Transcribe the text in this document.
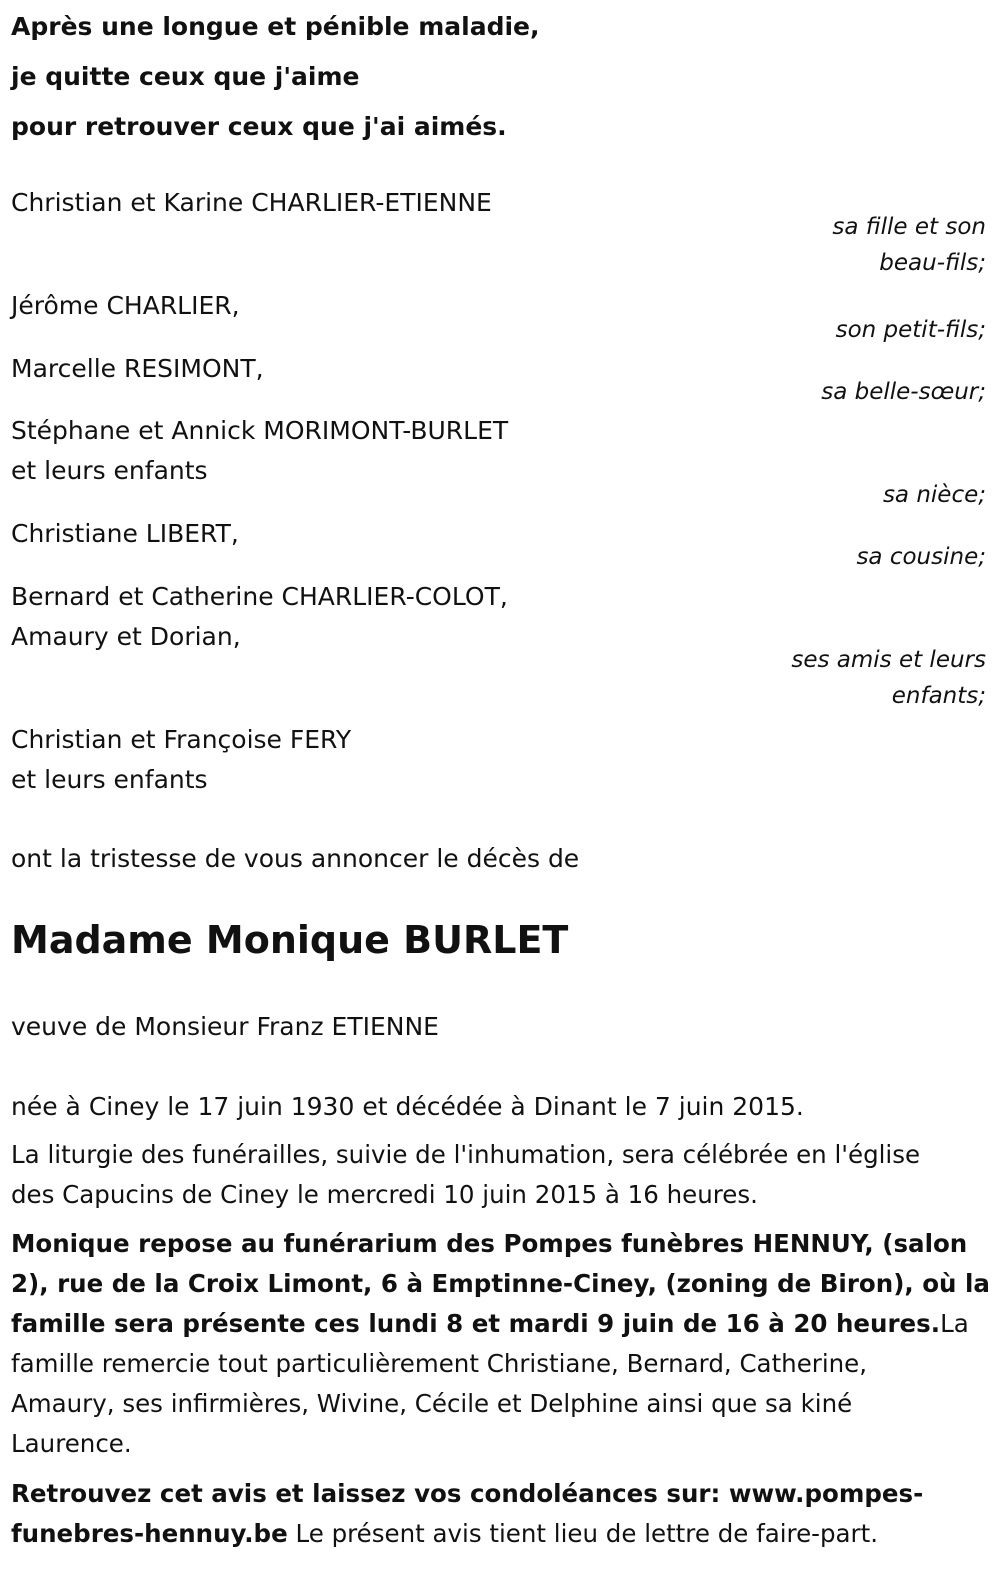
Après une longue et pénible maladie,
je quitte ceux que j'aime
pour retrouver ceux que j'ai aimés.
Christian et Karine CHARLIER-ETIENNE
sa fille et son
beau-fils;
Jérôme CHARLIER,
son petit-fils;
Marcelle RESIMONT,
sa belle-sœur;
Stéphane et Annick MORIMONT-BURLET
et leurs enfants
sa nièce;
Christiane LIBERT,
sa cousine;
Bernard et Catherine CHARLIER-COLOT,
Amaury et Dorian,
ses amis et leurs
enfants;
Christian et Françoise FERY
et leurs enfants
ont la tristesse de vous annoncer le décès de
Madame Monique BURLET
veuve de Monsieur Franz ETIENNE
née à Ciney le 17 juin 1930 et décédée à Dinant le 7 juin 2015.
La liturgie des funérailles, suivie de l'inhumation, sera célébrée en l'église
des Capucins de Ciney le mercredi 10 juin 2015 à 16 heures.
Monique repose au funérarium des Pompes funèbres HENNUY, (salon
2), rue de la Croix Limont, 6 à Emptinne-Ciney, (zoning de Biron), où la
famille sera présente ces lundi 8 et mardi 9 juin de 16 à 20 heures.La
famille remercie tout particulièrement Christiane, Bernard, Catherine,
Amaury, ses infirmières, Wivine, Cécile et Delphine ainsi que sa kiné
Laurence.
Retrouvez cet avis et laissez vos condoléances sur: www.pompes-
funebres-hennuy.be Le présent avis tient lieu de lettre de faire-part.
